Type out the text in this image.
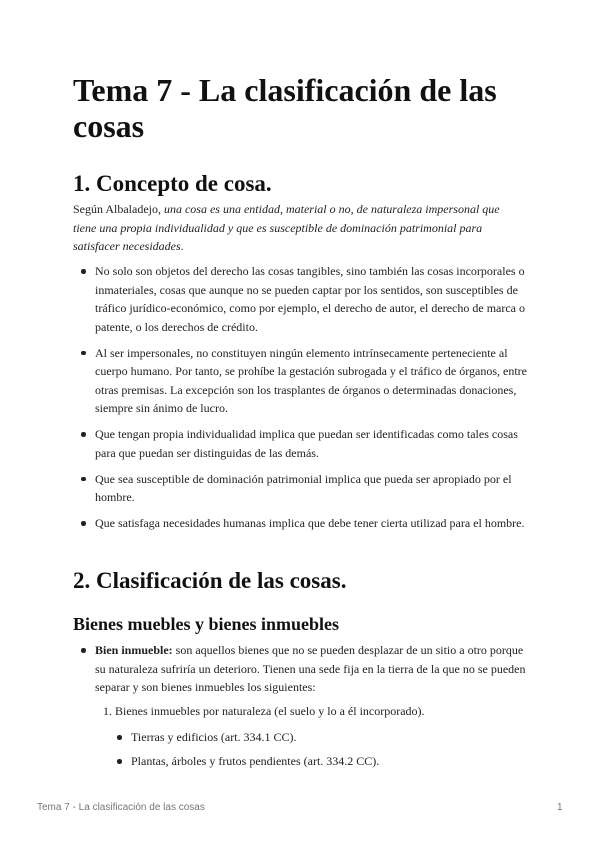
Tema 7 - La clasificación de las cosas
1. Concepto de cosa.

Según Albaladejo, una cosa es una entidad, material o no, de naturaleza impersonal que tiene una propia individualidad y que es susceptible de dominación patrimonial para satisfacer necesidades.

No solo son objetos del derecho las cosas tangibles, sino también las cosas incorporales o inmateriales, cosas que aunque no se pueden captar por los sentidos, son susceptibles de tráfico jurídico-económico, como por ejemplo, el derecho de autor, el derecho de marca o patente, o los derechos de crédito.
Al ser impersonales, no constituyen ningún elemento intrínsecamente perteneciente al cuerpo humano. Por tanto, se prohíbe la gestación subrogada y el tráfico de órganos, entre otras premisas. La excepción son los trasplantes de órganos o determinadas donaciones, siempre sin ánimo de lucro.
Que tengan propia individualidad implica que puedan ser identificadas como tales cosas para que puedan ser distinguidas de las demás.
Que sea susceptible de dominación patrimonial implica que pueda ser apropiado por el hombre.
Que satisfaga necesidades humanas implica que debe tener cierta utilizad para el hombre.
2. Clasificación de las cosas.
Bienes muebles y bienes inmuebles
Bien inmueble: son aquellos bienes que no se pueden desplazar de un sitio a otro porque su naturaleza sufriría un deterioro. Tienen una sede fija en la tierra de la que no se pueden separar y son bienes inmuebles los siguientes:
1. Bienes inmuebles por naturaleza (el suelo y lo a él incorporado).
Tierras y edificios (art. 334.1 CC).
Plantas, árboles y frutos pendientes (art. 334.2 CC).
Tema 7 - La clasificación de las cosas	1
